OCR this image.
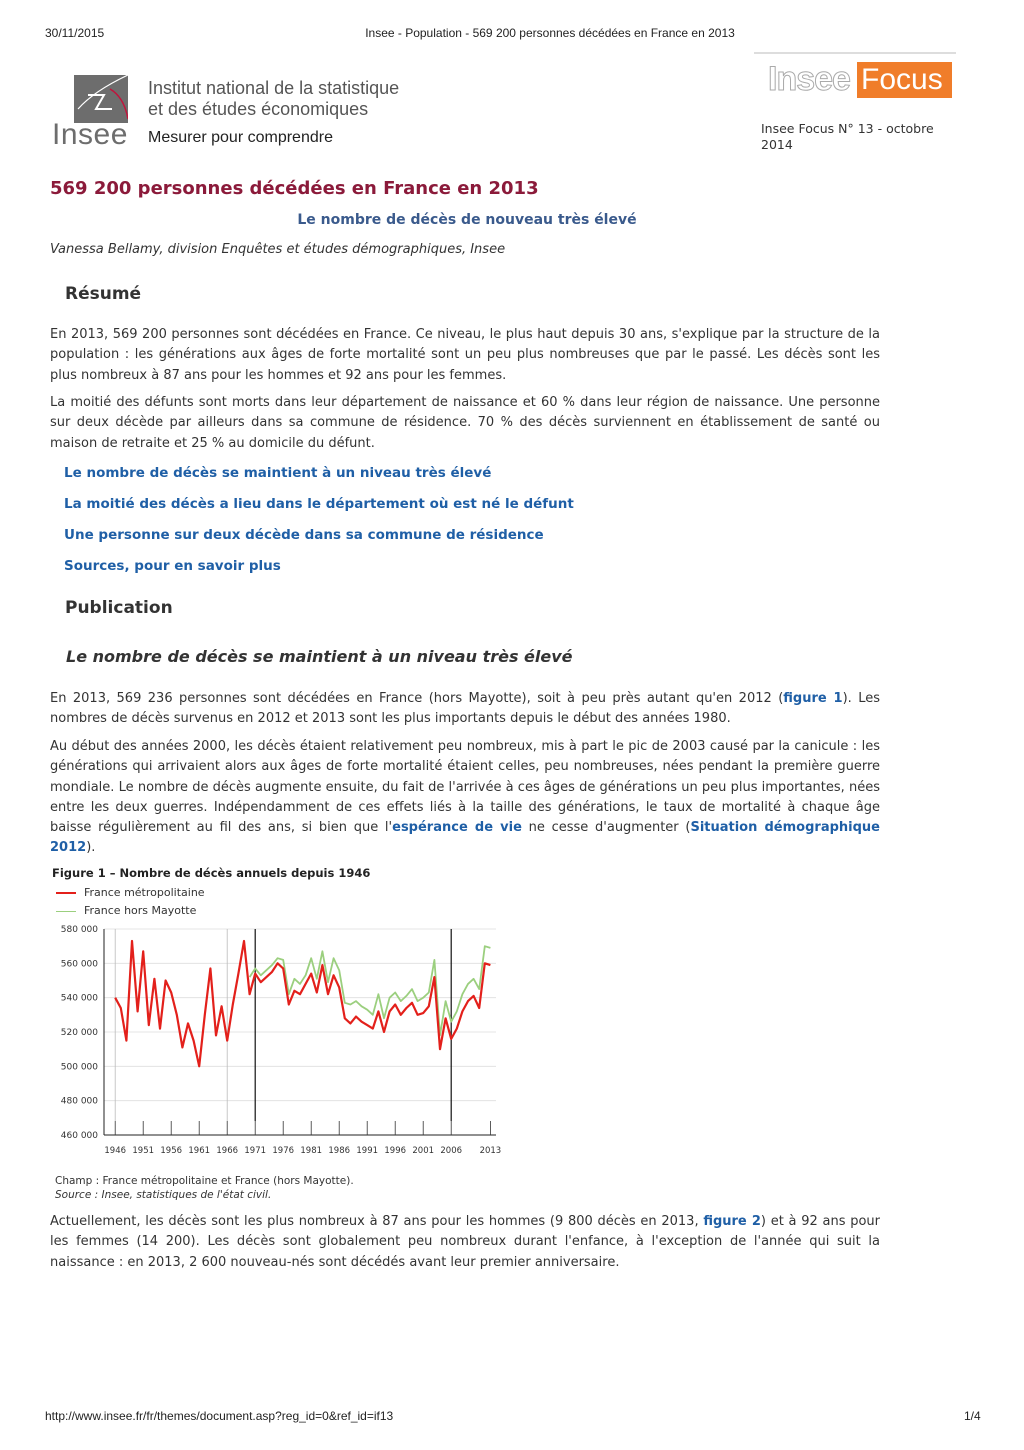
30/11/2015	Insee - Population - 569 200 personnes décédées en France en 2013
Insee
Institut national de la statistique
et des études économiques
Mesurer pour comprendre
Insee Focus
Insee Focus N° 13 - octobre 2014
569 200 personnes décédées en France en 2013

Le nombre de décès de nouveau très élevé

Vanessa Bellamy, division Enquêtes et études démographiques, Insee
Résumé

En 2013, 569 200 personnes sont décédées en France. Ce niveau, le plus haut depuis 30 ans, s'explique par la structure de la population : les générations aux âges de forte mortalité sont un peu plus nombreuses que par le passé. Les décès sont les plus nombreux à 87 ans pour les hommes et 92 ans pour les femmes.

La moitié des défunts sont morts dans leur département de naissance et 60 % dans leur région de naissance. Une personne sur deux décède par ailleurs dans sa commune de résidence. 70 % des décès surviennent en établissement de santé ou maison de retraite et 25 % au domicile du défunt.

Le nombre de décès se maintient à un niveau très élevé
La moitié des décès a lieu dans le département où est né le défunt
Une personne sur deux décède dans sa commune de résidence
Sources, pour en savoir plus
Publication
Le nombre de décès se maintient à un niveau très élevé

En 2013, 569 236 personnes sont décédées en France (hors Mayotte), soit à peu près autant qu'en 2012 (figure 1). Les nombres de décès survenus en 2012 et 2013 sont les plus importants depuis le début des années 1980.

Au début des années 2000, les décès étaient relativement peu nombreux, mis à part le pic de 2003 causé par la canicule : les générations qui arrivaient alors aux âges de forte mortalité étaient celles, peu nombreuses, nées pendant la première guerre mondiale. Le nombre de décès augmente ensuite, du fait de l'arrivée à ces âges de générations un peu plus importantes, nées entre les deux guerres. Indépendamment de ces effets liés à la taille des générations, le taux de mortalité à chaque âge baisse régulièrement au fil des ans, si bien que l'espérance de vie ne cesse d'augmenter (Situation démographique 2012).

Figure 1 – Nombre de décès annuels depuis 1946
France métropolitaine
France hors Mayotte
460 000
480 000
500 000
520 000
540 000
560 000
580 000
1946 1951 1956 1961 1966 1971 1976 1981 1986 1991 1996 2001 2006 2013
Champ : France métropolitaine et France (hors Mayotte).
Source : Insee, statistiques de l'état civil.

Actuellement, les décès sont les plus nombreux à 87 ans pour les hommes (9 800 décès en 2013, figure 2) et à 92 ans pour les femmes (14 200). Les décès sont globalement peu nombreux durant l'enfance, à l'exception de l'année qui suit la naissance : en 2013, 2 600 nouveau-nés sont décédés avant leur premier anniversaire.

http://www.insee.fr/fr/themes/document.asp?reg_id=0&ref_id=if13	1/4
